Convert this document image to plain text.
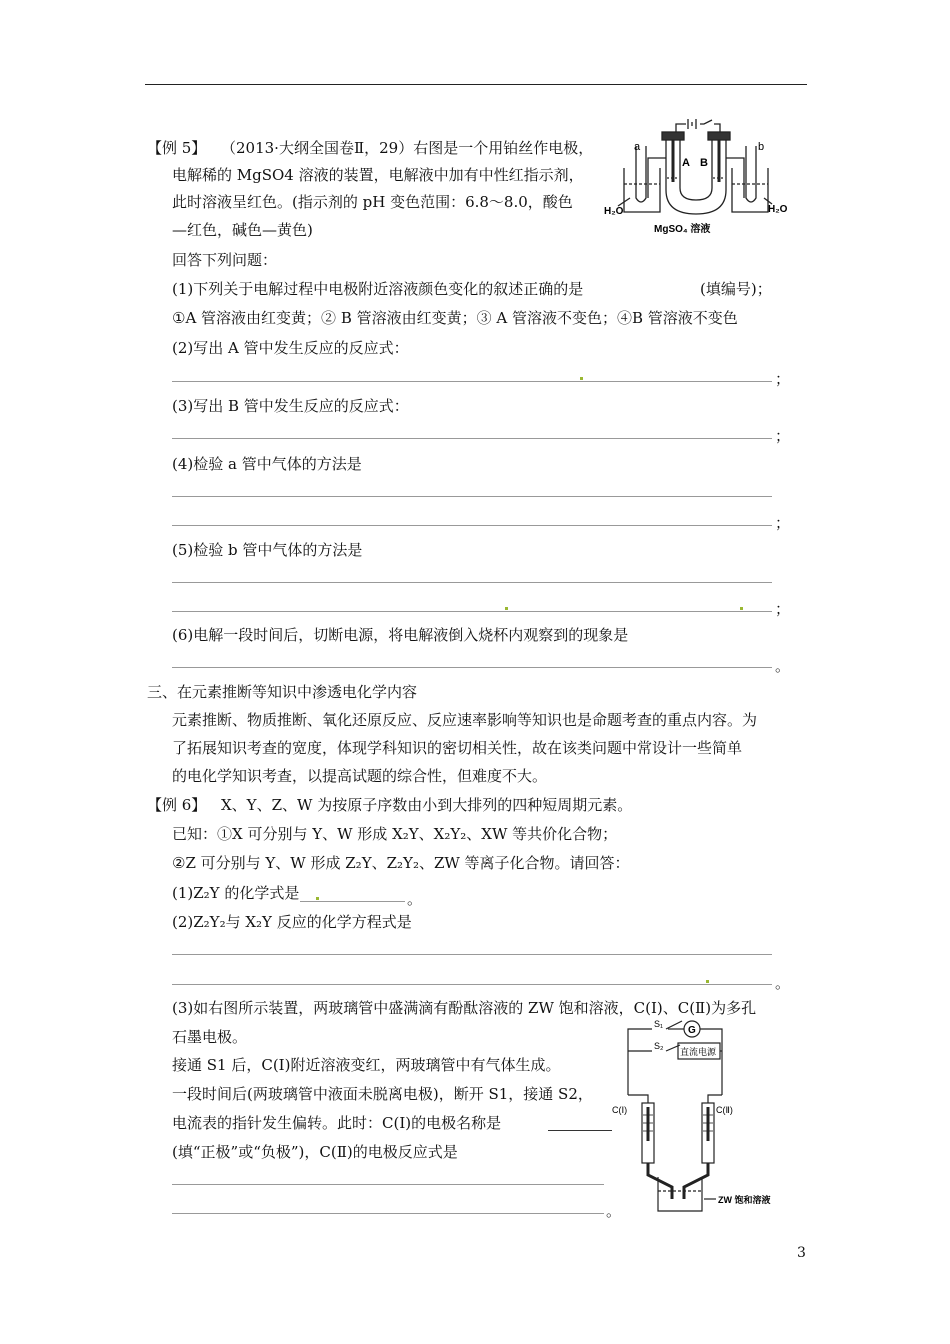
【例 5】 （2013·大纲全国卷Ⅱ，29）右图是一个用铂丝作电极，
电解稀的 MgSO4 溶液的装置，电解液中加有中性红指示剂，
此时溶液呈红色。(指示剂的 pH 变色范围：6.8～8.0，酸色
—红色，碱色—黄色)
回答下列问题：
(1)下列关于电解过程中电极附近溶液颜色变化的叙述正确的是	(填编号)；
①A 管溶液由红变黄；② B 管溶液由红变黄；③ A 管溶液不变色；④B 管溶液不变色
(2)写出 A 管中发生反应的反应式：
；
(3)写出 B 管中发生反应的反应式：
；
(4)检验 a 管中气体的方法是
；
(5)检验 b 管中气体的方法是
；
(6)电解一段时间后，切断电源，将电解液倒入烧杯内观察到的现象是
。
a	b
A B
H₂O	H₂O
MgSO₄ 溶液
三、在元素推断等知识中渗透电化学内容
元素推断、物质推断、氧化还原反应、反应速率影响等知识也是命题考查的重点内容。为
了拓展知识考查的宽度，体现学科知识的密切相关性，故在该类问题中常设计一些简单
的电化学知识考查，以提高试题的综合性，但难度不大。
【例 6】 X、Y、Z、W 为按原子序数由小到大排列的四种短周期元素。
已知：①X 可分别与 Y、W 形成 X₂Y、X₂Y₂、XW 等共价化合物；
②Z 可分别与 Y、W 形成 Z₂Y、Z₂Y₂、ZW 等离子化合物。请回答：
(1)Z₂Y 的化学式是	。
(2)Z₂Y₂与 X₂Y 反应的化学方程式是
。
(3)如右图所示装置，两玻璃管中盛满滴有酚酞溶液的 ZW 饱和溶液，C(Ⅰ)、C(Ⅱ)为多孔
石墨电极。
接通 S1 后，C(Ⅰ)附近溶液变红，两玻璃管中有气体生成。
一段时间后(两玻璃管中液面未脱离电极)，断开 S1，接通 S2，
电流表的指针发生偏转。此时：C(Ⅰ)的电极名称是
(填“正极”或“负极”)，C(Ⅱ)的电极反应式是
。
S₁
S₂
G
直流电源
C(Ⅰ)	C(Ⅱ)
ZW 饱和溶液
3
